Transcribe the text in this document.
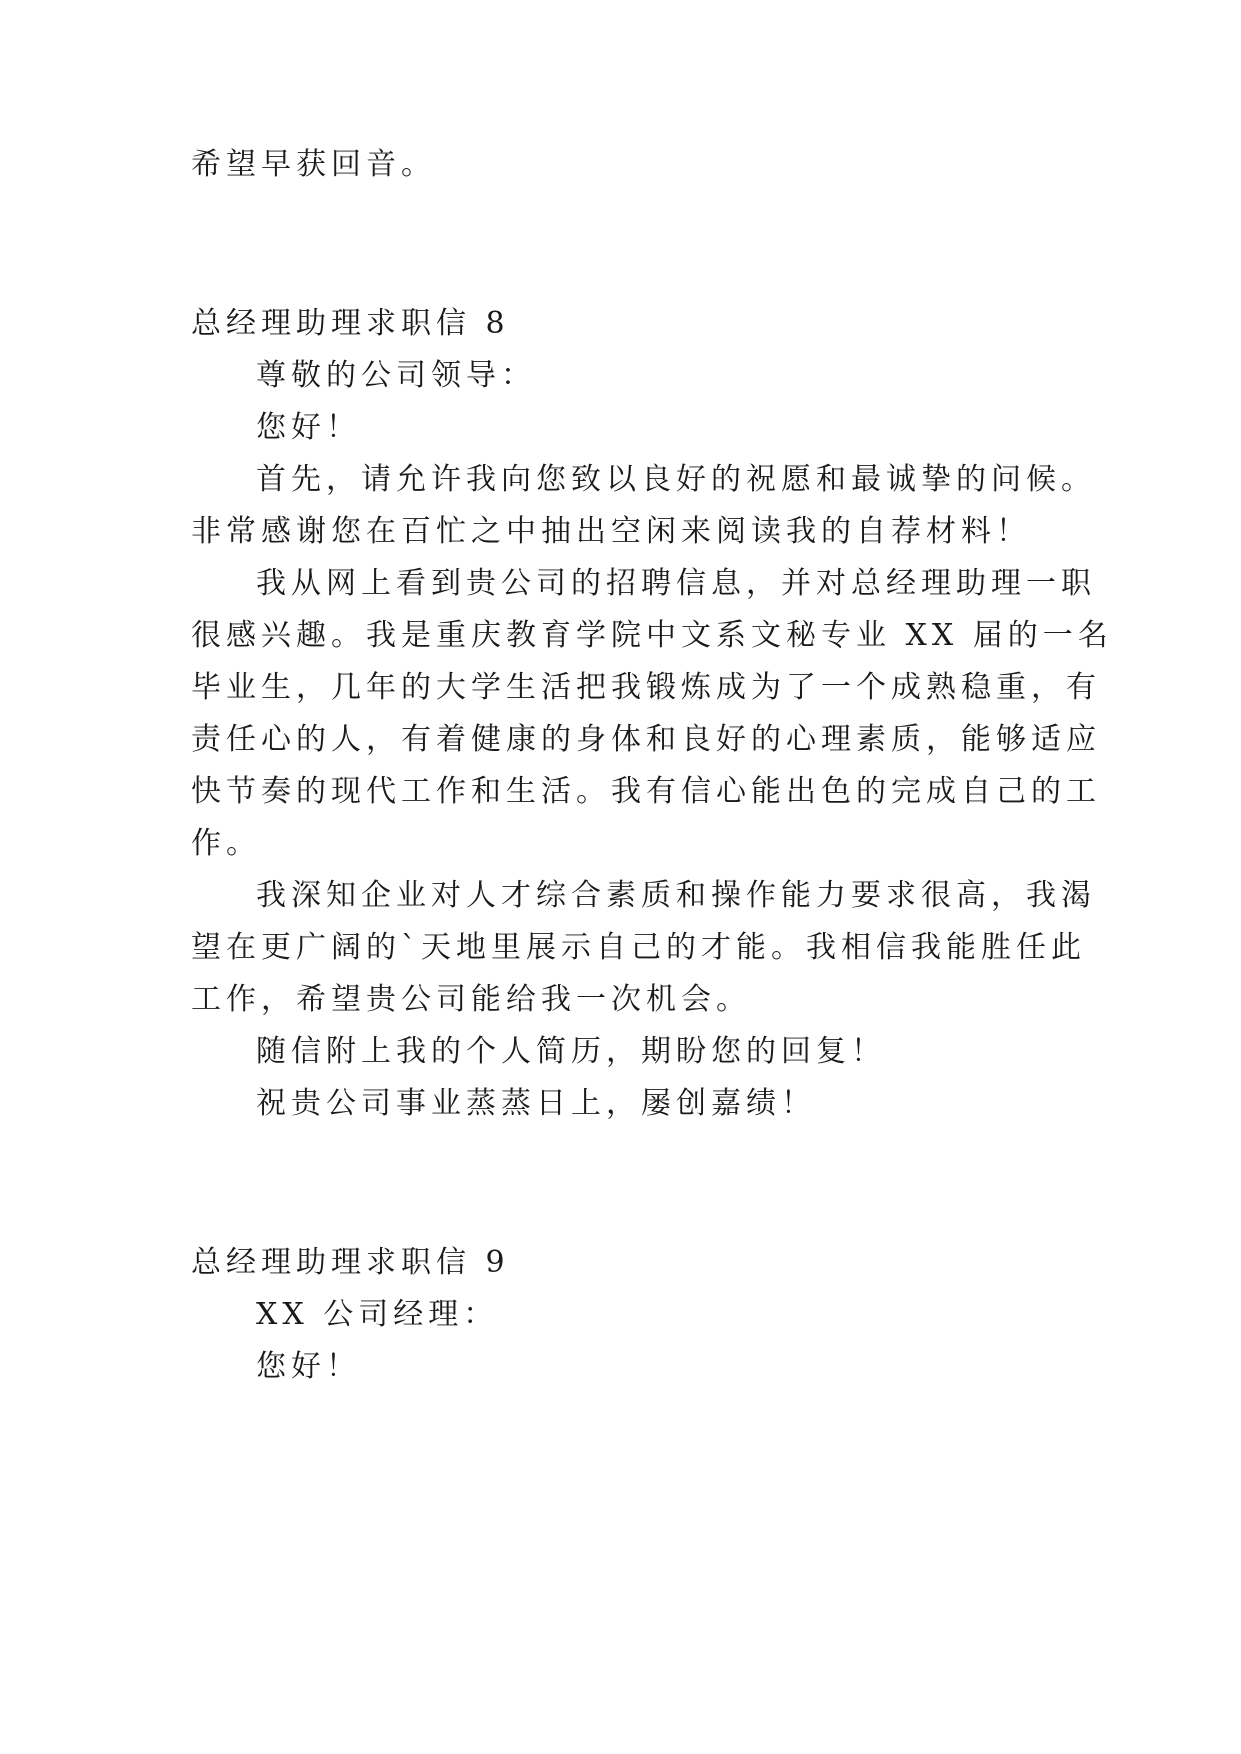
希望早获回音。
总经理助理求职信 8
尊敬的公司领导：
您好！
首先，请允许我向您致以良好的祝愿和最诚挚的问候。
非常感谢您在百忙之中抽出空闲来阅读我的自荐材料！
我从网上看到贵公司的招聘信息，并对总经理助理一职
很感兴趣。我是重庆教育学院中文系文秘专业 XX 届的一名
毕业生，几年的大学生活把我锻炼成为了一个成熟稳重，有
责任心的人，有着健康的身体和良好的心理素质，能够适应
快节奏的现代工作和生活。我有信心能出色的完成自己的工
作。
我深知企业对人才综合素质和操作能力要求很高，我渴
望在更广阔的`天地里展示自己的才能。我相信我能胜任此
工作，希望贵公司能给我一次机会。
随信附上我的个人简历，期盼您的回复！
祝贵公司事业蒸蒸日上，屡创嘉绩！
总经理助理求职信 9
XX 公司经理：
您好！
